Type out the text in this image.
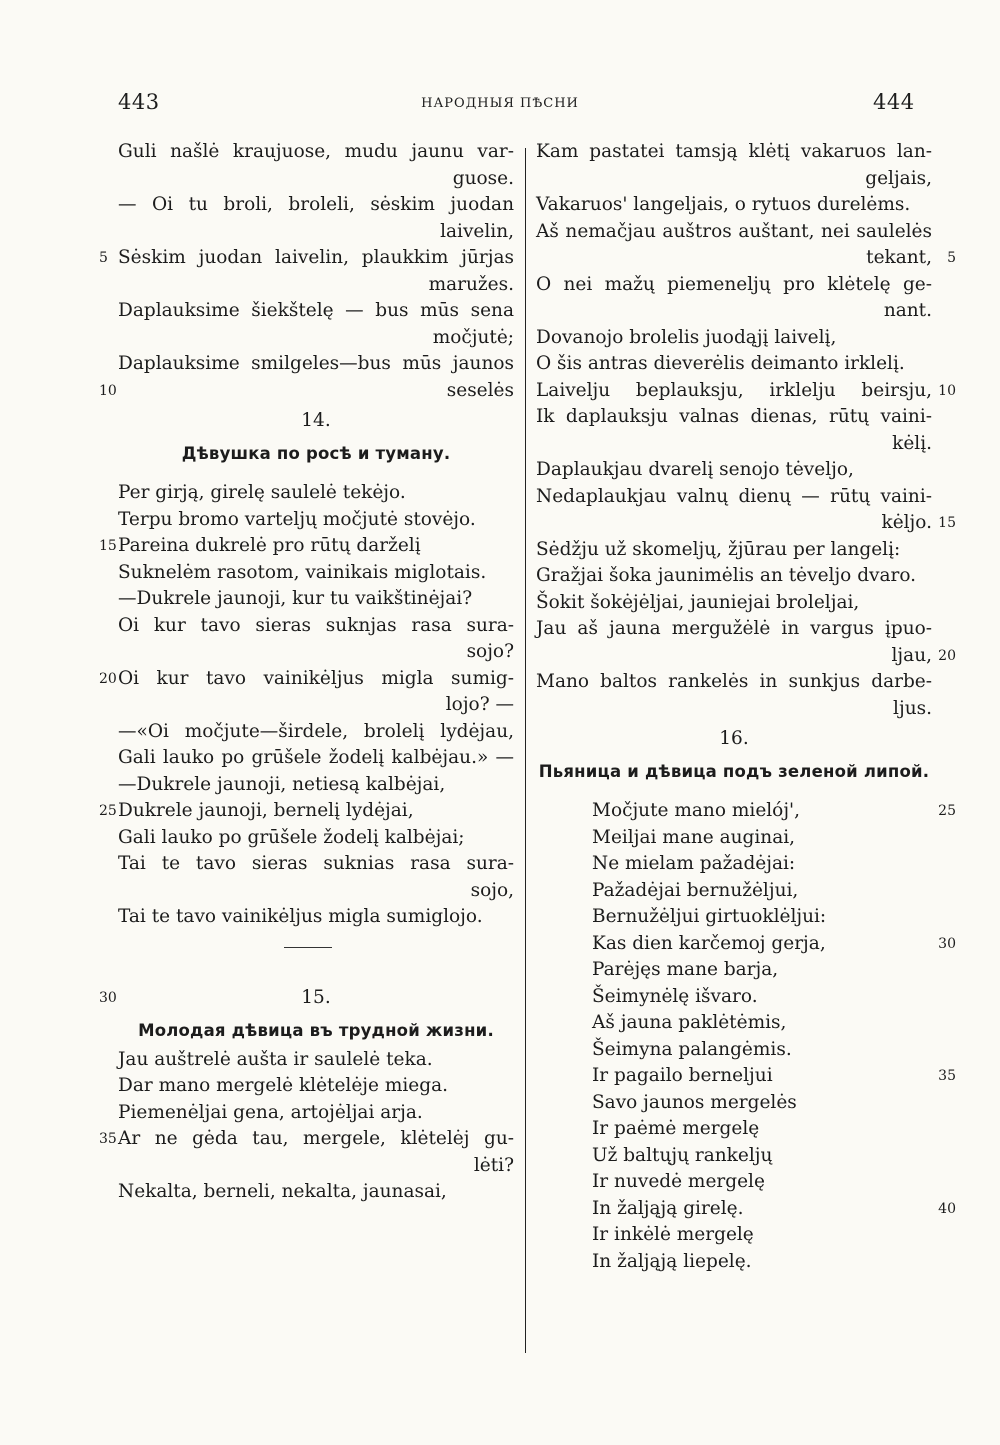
443	НАРОДНЫЯ ПѢСНИ	444
Guli našlė kraujuose, mudu jaunu var-
guose.
— Oi tu broli, broleli, sėskim juodan
laivelin,
Sėskim juodan laivelin, plaukkim jūrjas
5
maružes.
Daplauksime šiekštelę — bus mūs sena
močjutė;
Daplauksime smilgeles—bus mūs jaunos
seselės
10
14.
Дѣвушка по росѣ и туману.
Per girją, girelę saulelė tekėjo.
Terpu bromo vartelјų močjutė stovėjo.
Pareina dukrelė pro rūtų darželį
15
Suknelėm rasotom, vainikais miglotais.
—Dukrele jaunoji, kur tu vaikštinėjai?
Oi kur tavo sieras suknjas rasa sura-
sojo?
Oi kur tavo vainikėljus migla sumig-
20
lojo? —
—«Oi močjute—širdele, brolelį lydėjau,
Gali lauko po grūšele žodelį kalbėjau.» —
—Dukrele jaunoji, netiesą kalbėjai,
Dukrele jaunoji, bernelį lydėjai,
25
Gali lauko po grūšele žodelį kalbėjai;
Tai te tavo sieras suknias rasa sura-
sojo,
Tai te tavo vainikėljus migla sumiglojo.
15.
30
Молодая дѣвица въ трудной жизни.
Jau auštrelė aušta ir saulelė teka.
Dar mano mergelė klėtelėje miega.
Piemenėljai gena, artojėljai arja.
Ar ne gėda tau, mergele, klėtelėj gu-
35
lėti?
Nekalta, berneli, nekalta, jaunasai,
Kam pastatei tamsją klėtį vakaruos lan-
geljais,
Vakaruos' langeljais, o rytuos durelėms.
Aš nemačjau auštros auštant, nei saulelės
tekant, 5
O nei mažų piemeneljų pro klėtelę ge-
nant.
Dovanojo brolelis juodąjį laivelį,
O šis antras dieverėlis deimanto irklelį.
Laivelju beplauksju, irklelju beirsju, 10
Ik daplauksju valnas dienas, rūtų vaini-
kėlį.
Daplaukjau dvarelį senojo tėveljo,
Nedaplaukjau valnų dienų — rūtų vaini-
kėljo. 15
Sėdžju už skomeljų, žjūrau per langelį:
Gražjai šoka jaunimėlis an tėveljo dvaro.
Šokit šokėjėljai, jauniejai broleljai,
Jau aš jauna mergužėlė in vargus įpuo-
ljau, 20
Mano baltos rankelės in sunkjus darbe-
ljus.
16.
Пьяница и дѣвица подъ зеленой липой.
Močjute mano mielój',	25
Meiljai mane auginai,
Ne mielam pažadėjai:
Pažadėjai bernužėljui,
Bernužėljui girtuoklėljui:
Kas dien karčemoj gerja,	30
Parėjęs mane barja,
Šeimynėlę išvaro.
Aš jauna paklėtėmis,
Šeimyna palangėmis.
Ir pagailo berneljui	35
Savo jaunos mergelės
Ir paėmė mergelę
Už baltųjų rankeljų
Ir nuvedė mergelę
In žaljąją girelę.	40
Ir inkėlė mergelę
In žaljąją liepelę.
